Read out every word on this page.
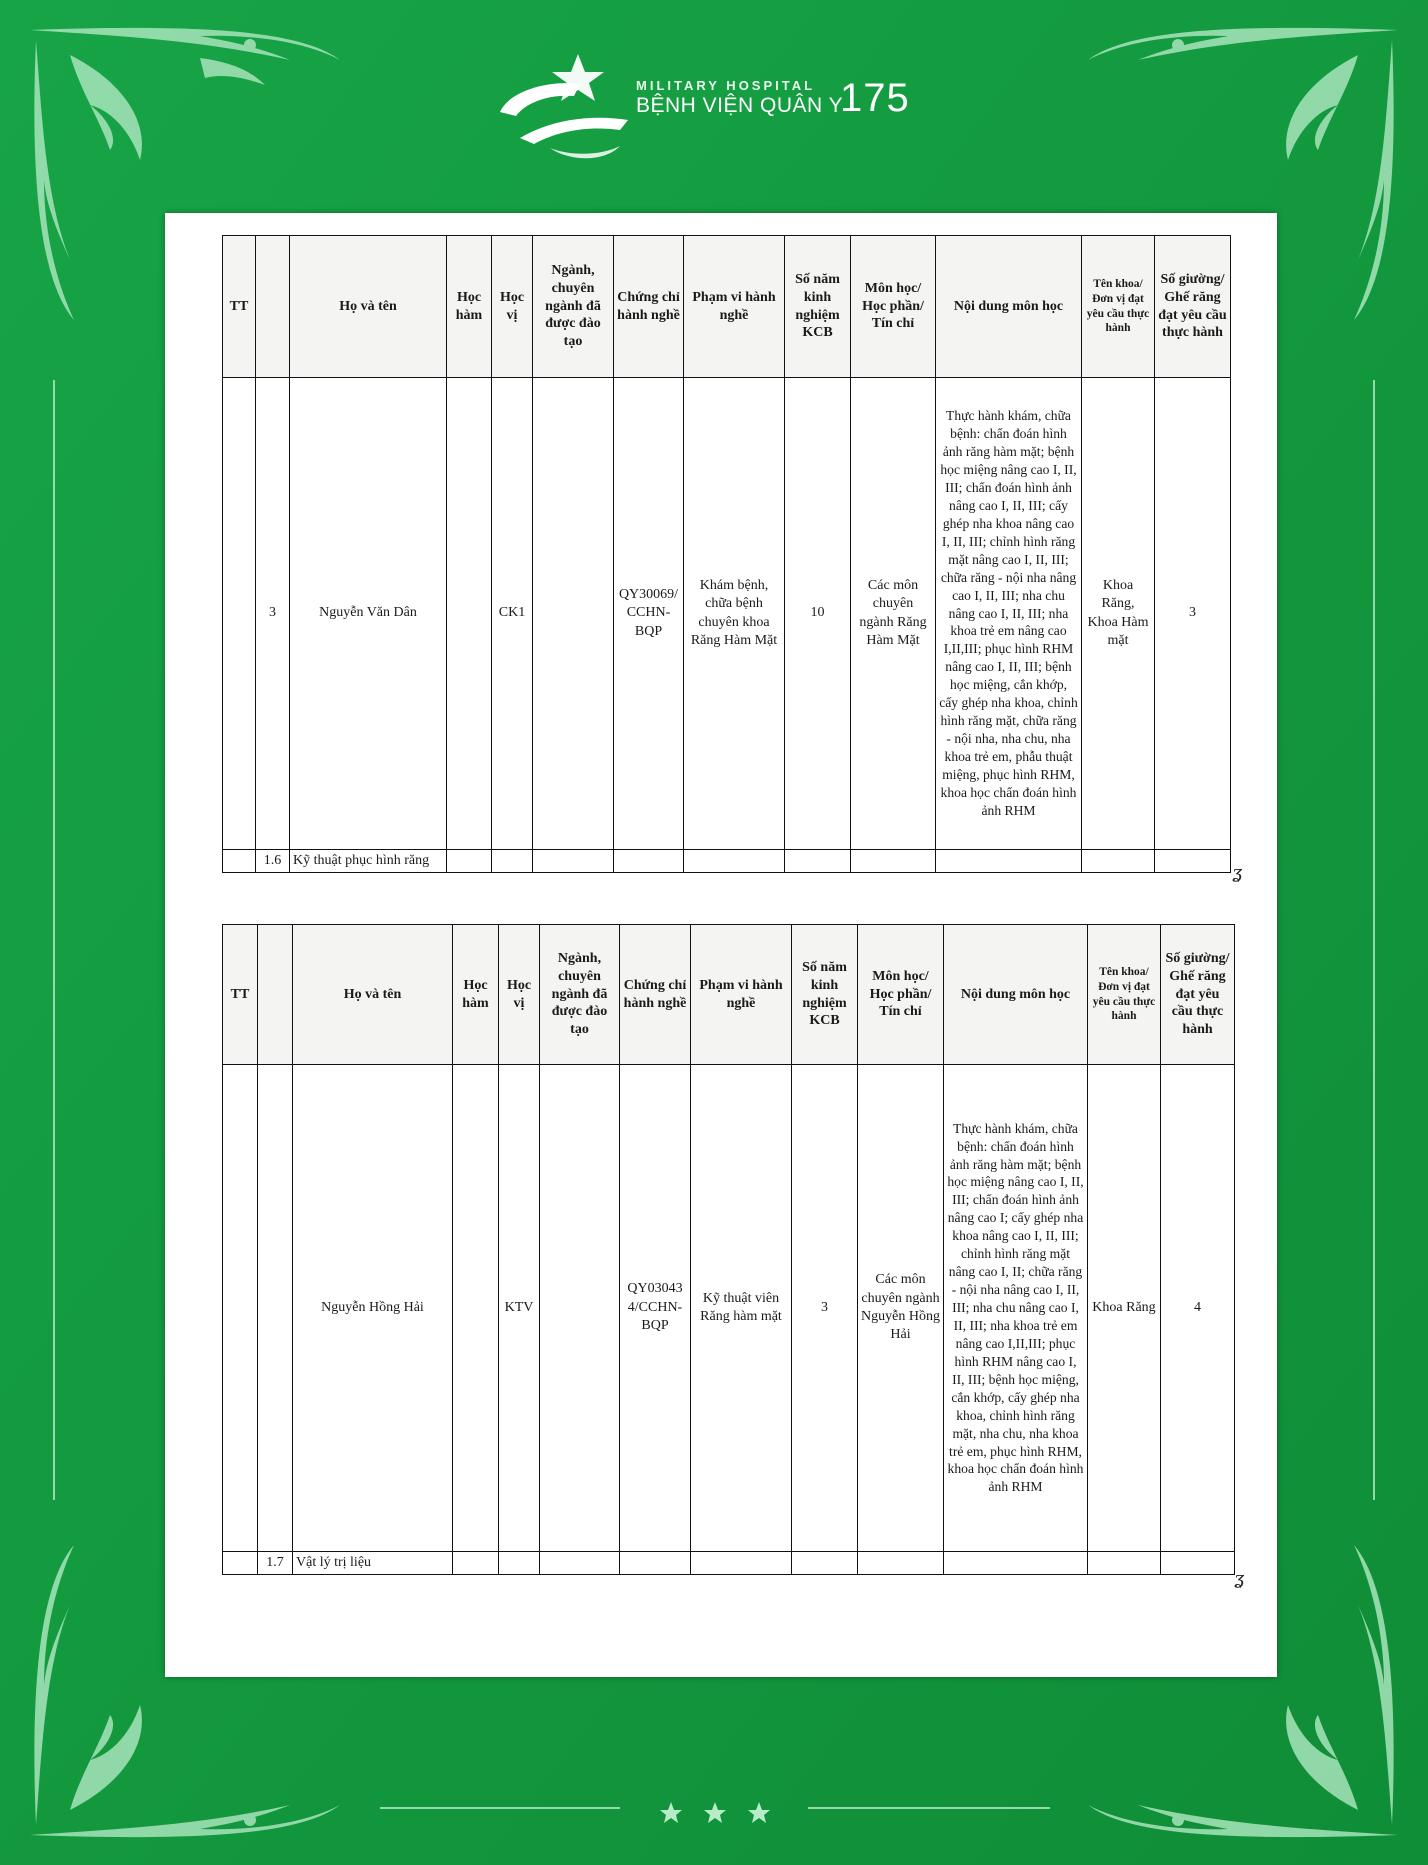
MILITARY HOSPITAL
BỆNH VIỆN QUÂN Y
175
TT		Họ và tên	Học hàm	Học vị	Ngành, chuyên ngành đã được đào tạo	Chứng chỉ hành nghề	Phạm vi hành nghề	Số năm kinh nghiệm KCB	Môn học/ Học phần/ Tín chỉ	Nội dung môn học	Tên khoa/ Đơn vị đạt yêu cầu thực hành	Số giường/ Ghế răng đạt yêu cầu thực hành
	3	Nguyễn Văn Dân		CK1		QY30069/ CCHN-BQP	Khám bệnh, chữa bệnh chuyên khoa Răng Hàm Mặt	10	Các môn chuyên ngành Răng Hàm Mặt	Thực hành khám, chữa bệnh: chẩn đoán hình ảnh răng hàm mặt; bệnh học miệng nâng cao I, II, III; chẩn đoán hình ảnh nâng cao I, II, III; cấy ghép nha khoa nâng cao I, II, III; chỉnh hình răng mặt nâng cao I, II, III; chữa răng - nội nha nâng cao I, II, III; nha chu nâng cao I, II, III; nha khoa trẻ em nâng cao I,II,III; phục hình RHM nâng cao I, II, III; bệnh học miệng, cắn khớp, cấy ghép nha khoa, chỉnh hình răng mặt, chữa răng - nội nha, nha chu, nha khoa trẻ em, phẫu thuật miệng, phục hình RHM, khoa học chẩn đoán hình ảnh RHM	Khoa Răng, Khoa Hàm mặt	3
	1.6	Kỹ thuật phục hình răng										
ʓ
TT		Họ và tên	Học hàm	Học vị	Ngành, chuyên ngành đã được đào tạo	Chứng chỉ hành nghề	Phạm vi hành nghề	Số năm kinh nghiệm KCB	Môn học/ Học phần/ Tín chỉ	Nội dung môn học	Tên khoa/ Đơn vị đạt yêu cầu thực hành	Số giường/ Ghế răng đạt yêu cầu thực hành
		Nguyễn Hồng Hải		KTV		QY03043 4/CCHN-BQP	Kỹ thuật viên Răng hàm mặt	3	Các môn chuyên ngành Nguyễn Hồng Hải	Thực hành khám, chữa bệnh: chẩn đoán hình ảnh răng hàm mặt; bệnh học miệng nâng cao I, II, III; chẩn đoán hình ảnh nâng cao I; cấy ghép nha khoa nâng cao I, II, III; chỉnh hình răng mặt nâng cao I, II; chữa răng - nội nha nâng cao I, II, III; nha chu nâng cao I, II, III; nha khoa trẻ em nâng cao I,II,III; phục hình RHM nâng cao I, II, III; bệnh học miệng, cắn khớp, cấy ghép nha khoa, chỉnh hình răng mặt, nha chu, nha khoa trẻ em, phục hình RHM, khoa học chẩn đoán hình ảnh RHM	Khoa Răng	4
	1.7	Vật lý trị liệu										
ʓ
